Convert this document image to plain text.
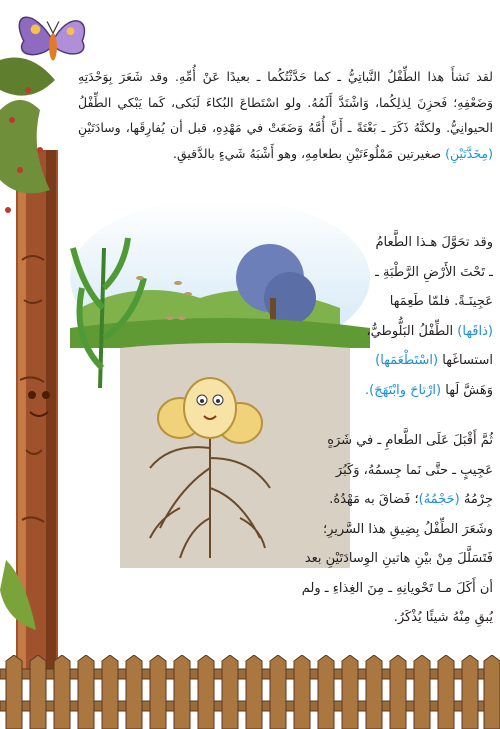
لقد نَشأَ هذا الطِّفْلُ النَّباتِيُّ ـ كما حَدَّثْتُكُما ـ بعيدًا عَنْ أُمِّهِ. وقد شَعَرَ بِوَحْدَتِهِ وَضَعْفِهِ؛ فَحزِنَ لِذلِكُما، وَاشْتَدَّ أَلَمُهُ. ولو اسْتَطاعَ البُكاءَ لَبَكى، كَما يَبْكي الطِّفْلُ الحيوانِيُّ. ولكنَّهُ ذَكَرَ ـ بَغْتَةً ـ أَنَّ أُمَّهُ وَضَعَتْ في مَهْدِهِ، قبل أن يُفارِقَها، وسادَتَيْنِ (مِخَدَّتَيْنِ) صغيرتين مَمْلُوءَتَيْنِ بطعامِهِ، وهو أَشْبَهُ شَيءٍ بالدَّقيقِ.
وقد تحَوَّلَ هـذا الطَّعامُ
ـ تَحْتَ الأَرْضِ الرَّطْبَةِ ـ
عَجِينَـةً. فلمّا طَعِمَها
(ذاقَها) الطِّفْلُ البَلُّوطيُّ،
استساغَها (اسْتَطْعَمَها)
وَهَشَّ لَها (ارْتاحَ وابْتَهَجَ).
ثُمَّ أَقْبَلَ عَلَى الطَّعامِ ـ في شَرَهٍ
عَجِيبٍ ـ حتَّى نَما جِسمُهُ، وَكَبُرَ
جِرْمُهُ (حَجْمُهُ)؛ فَضاقَ به مَهْدُهُ.
وشَعَرَ الطِّفْلُ بِضِيقِ هذا السَّريرِ؛
فَتَسَلَّلَ مِنْ بيْنِ هاتينِ الوِسادَتَيْنِ بعد
أن أَكَلَ مـا تَحْويانِهِ ـ مِنَ الغِذاءِ ـ ولم
يُبقِ مِنْهُ شيئًا يُذْكَرُ.
